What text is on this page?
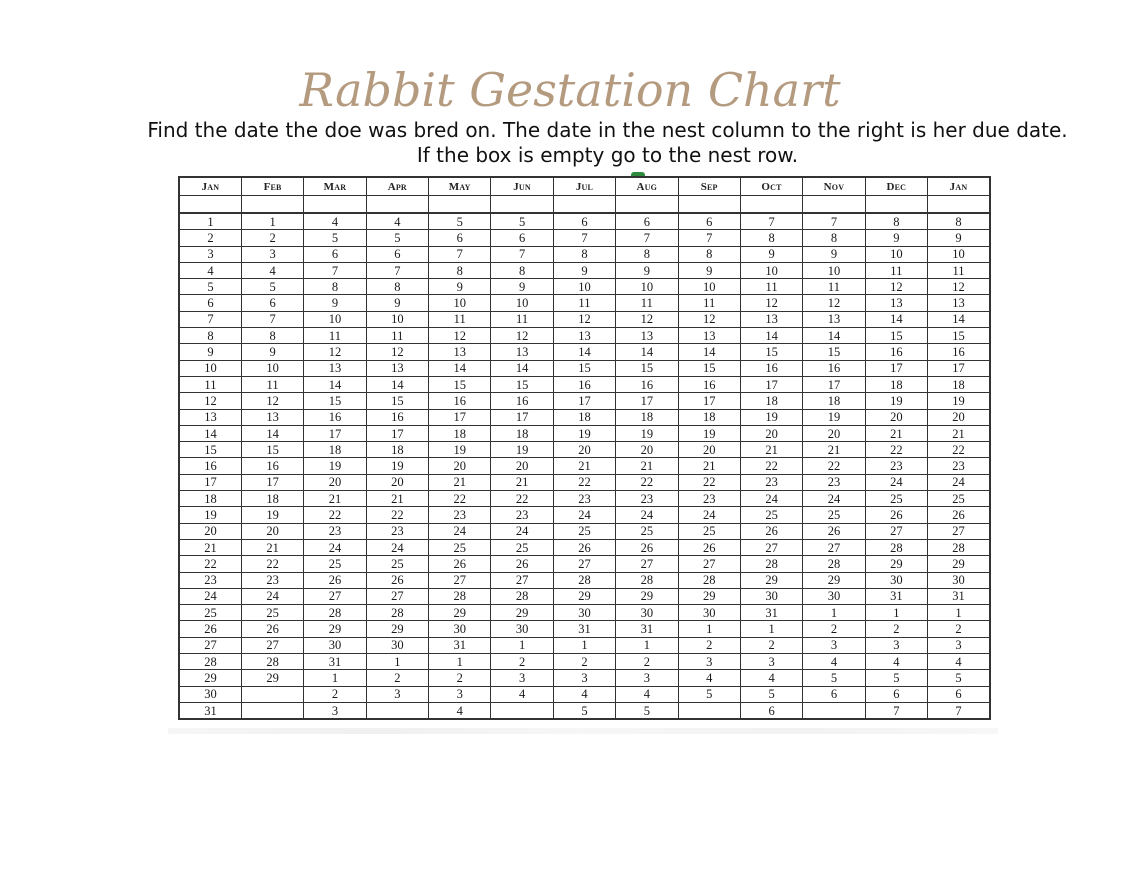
Rabbit Gestation Chart

Find the date the doe was bred on. The date in the nest column to the right is her due date. If the box is empty go to the nest row.

Jan	Feb	Mar	Apr	May	Jun	Jul	Aug	Sep	Oct	Nov	Dec	Jan

1	1	4	4	5	5	6	6	6	7	7	8	8
2	2	5	5	6	6	7	7	7	8	8	9	9
3	3	6	6	7	7	8	8	8	9	9	10	10
4	4	7	7	8	8	9	9	9	10	10	11	11
5	5	8	8	9	9	10	10	10	11	11	12	12
6	6	9	9	10	10	11	11	11	12	12	13	13
7	7	10	10	11	11	12	12	12	13	13	14	14
8	8	11	11	12	12	13	13	13	14	14	15	15
9	9	12	12	13	13	14	14	14	15	15	16	16
10	10	13	13	14	14	15	15	15	16	16	17	17
11	11	14	14	15	15	16	16	16	17	17	18	18
12	12	15	15	16	16	17	17	17	18	18	19	19
13	13	16	16	17	17	18	18	18	19	19	20	20
14	14	17	17	18	18	19	19	19	20	20	21	21
15	15	18	18	19	19	20	20	20	21	21	22	22
16	16	19	19	20	20	21	21	21	22	22	23	23
17	17	20	20	21	21	22	22	22	23	23	24	24
18	18	21	21	22	22	23	23	23	24	24	25	25
19	19	22	22	23	23	24	24	24	25	25	26	26
20	20	23	23	24	24	25	25	25	26	26	27	27
21	21	24	24	25	25	26	26	26	27	27	28	28
22	22	25	25	26	26	27	27	27	28	28	29	29
23	23	26	26	27	27	28	28	28	29	29	30	30
24	24	27	27	28	28	29	29	29	30	30	31	31
25	25	28	28	29	29	30	30	30	31	1	1	1
26	26	29	29	30	30	31	31	1	1	2	2	2
27	27	30	30	31	1	1	1	2	2	3	3	3
28	28	31	1	1	2	2	2	3	3	4	4	4
29	29	1	2	2	3	3	3	4	4	5	5	5
30		2	3	3	4	4	4	5	5	6	6	6
31		3		4		5	5		6		7	7
